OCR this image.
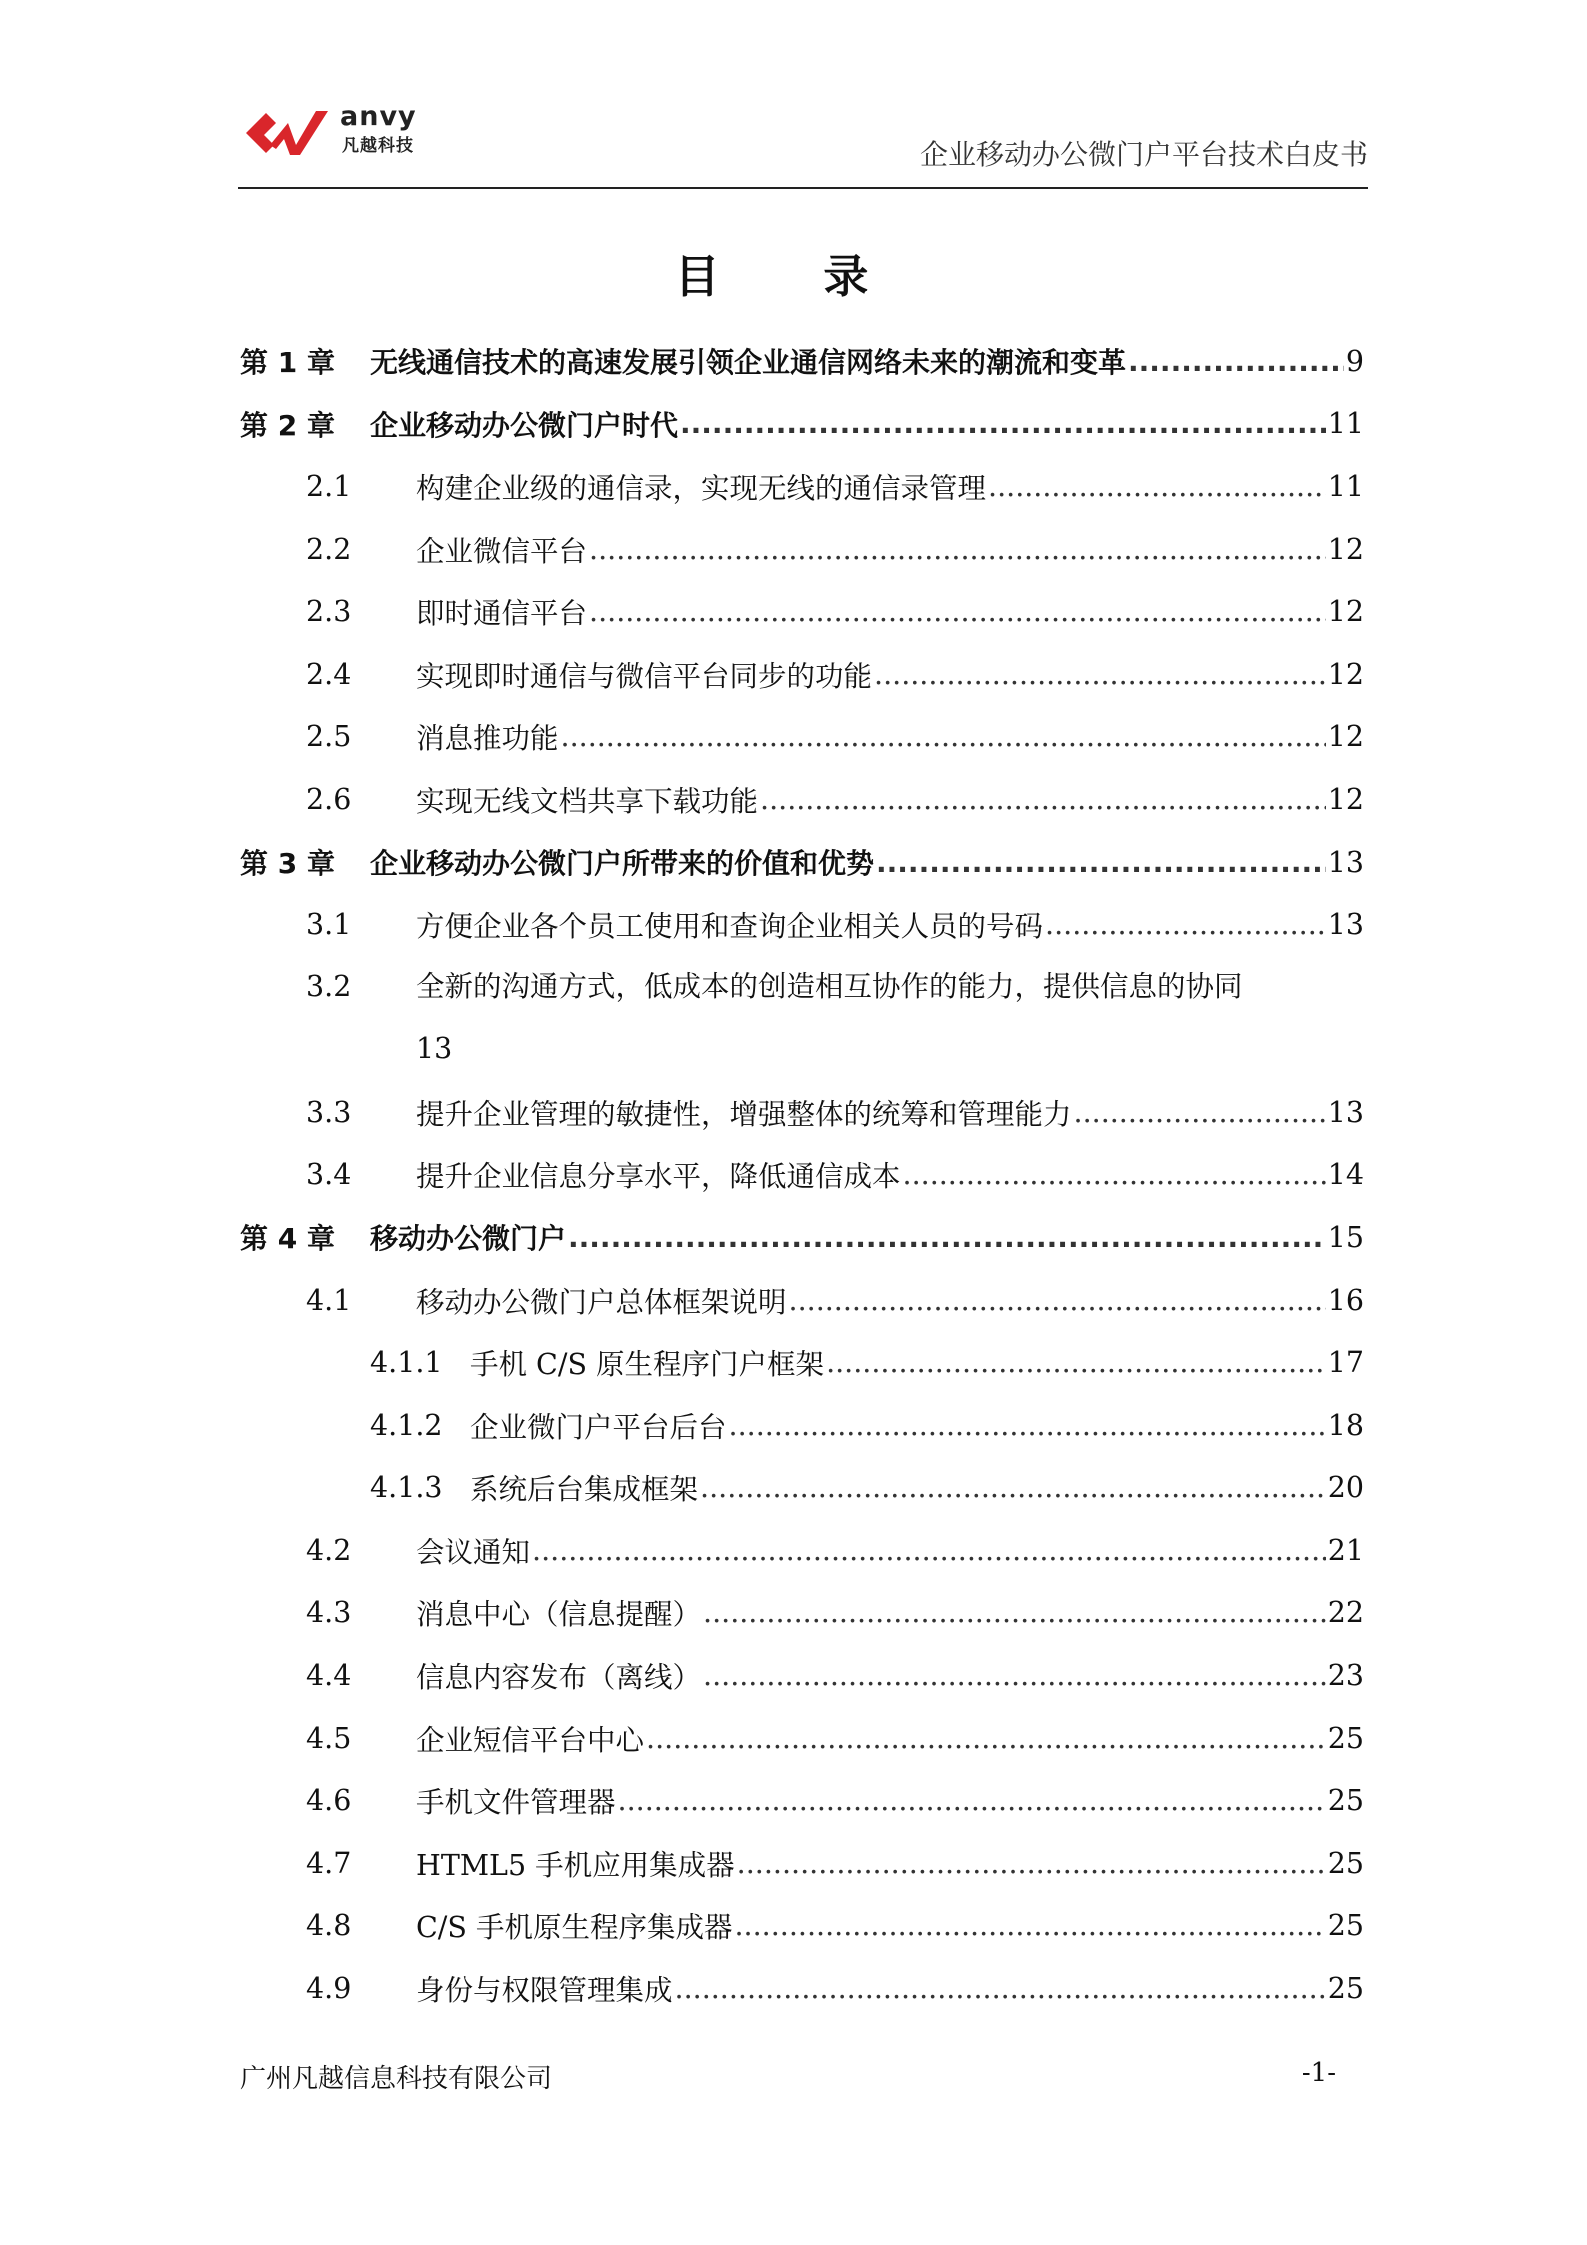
anvy
凡越科技	企业移动办公微门户平台技术白皮书
目 录
第 1 章	无线通信技术的高速发展引领企业通信网络未来的潮流和变革 .....	9
第 2 章	企业移动办公微门户时代 .....	11
2.1	构建企业级的通信录，实现无线的通信录管理 .....	11
2.2	企业微信平台 .....	12
2.3	即时通信平台 .....	12
2.4	实现即时通信与微信平台同步的功能 .....	12
2.5	消息推功能 .....	12
2.6	实现无线文档共享下载功能 .....	12
第 3 章	企业移动办公微门户所带来的价值和优势 .....	13
3.1	方便企业各个员工使用和查询企业相关人员的号码 .....	13
3.2	全新的沟通方式，低成本的创造相互协作的能力，提供信息的协同
13
3.3	提升企业管理的敏捷性，增强整体的统筹和管理能力 .....	13
3.4	提升企业信息分享水平，降低通信成本 .....	14
第 4 章	移动办公微门户 .....	15
4.1	移动办公微门户总体框架说明 .....	16
4.1.1 手机 C/S 原生程序门户框架 .....	17
4.1.2 企业微门户平台后台 .....	18
4.1.3 系统后台集成框架 .....	20
4.2	会议通知 .....	21
4.3	消息中心（信息提醒） .....	22
4.4	信息内容发布（离线） .....	23
4.5	企业短信平台中心 .....	25
4.6	手机文件管理器 .....	25
4.7	HTML5 手机应用集成器 .....	25
4.8	C/S 手机原生程序集成器 .....	25
4.9	身份与权限管理集成 .....	25
广州凡越信息科技有限公司	-1-
